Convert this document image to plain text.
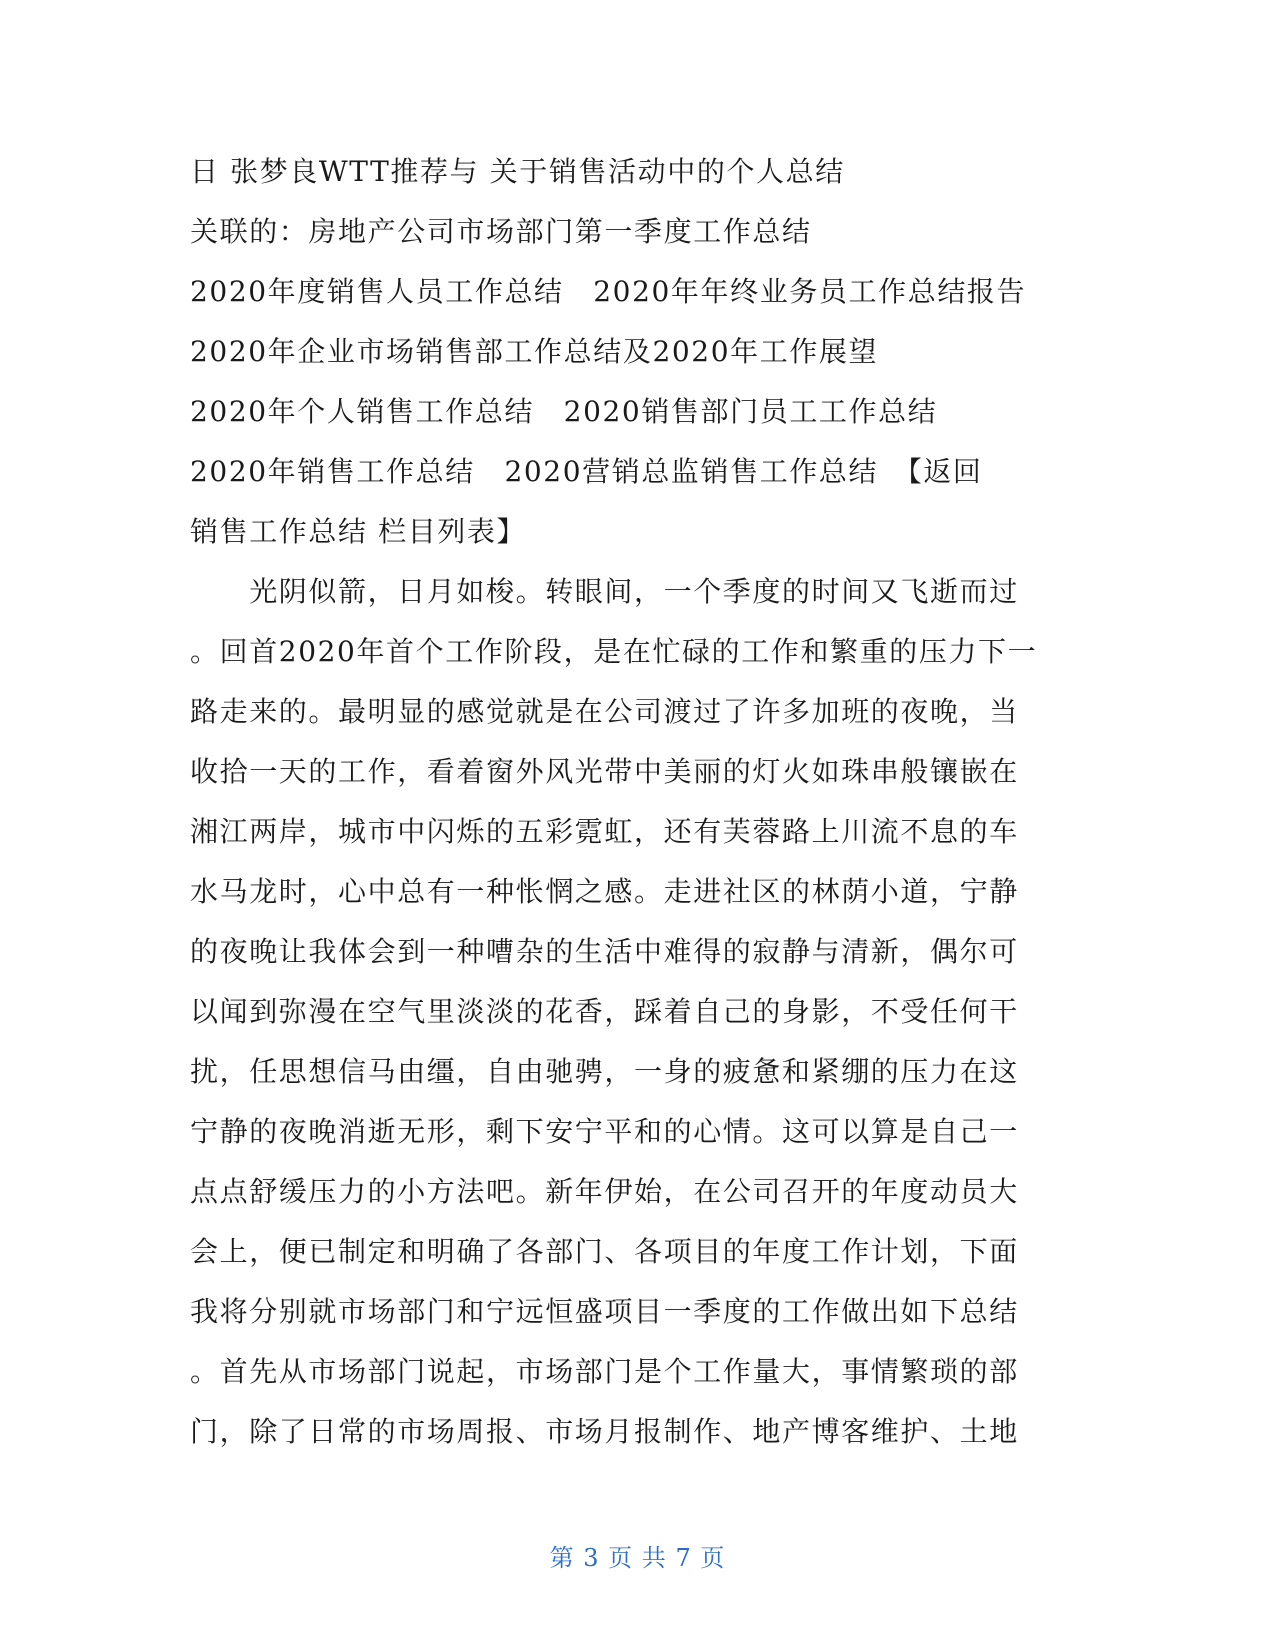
日 张梦良WTT推荐与 关于销售活动中的个人总结
关联的：房地产公司市场部门第一季度工作总结
2020年度销售人员工作总结　2020年年终业务员工作总结报告
2020年企业市场销售部工作总结及2020年工作展望
2020年个人销售工作总结　2020销售部门员工工作总结
2020年销售工作总结　2020营销总监销售工作总结　【返回
销售工作总结 栏目列表】
　　光阴似箭，日月如梭。转眼间，一个季度的时间又飞逝而过
。回首2020年首个工作阶段，是在忙碌的工作和繁重的压力下一
路走来的。最明显的感觉就是在公司渡过了许多加班的夜晚，当
收拾一天的工作，看着窗外风光带中美丽的灯火如珠串般镶嵌在
湘江两岸，城市中闪烁的五彩霓虹，还有芙蓉路上川流不息的车
水马龙时，心中总有一种怅惘之感。走进社区的林荫小道，宁静
的夜晚让我体会到一种嘈杂的生活中难得的寂静与清新，偶尔可
以闻到弥漫在空气里淡淡的花香，踩着自己的身影，不受任何干
扰，任思想信马由缰，自由驰骋，一身的疲惫和紧绷的压力在这
宁静的夜晚消逝无形，剩下安宁平和的心情。这可以算是自己一
点点舒缓压力的小方法吧。新年伊始，在公司召开的年度动员大
会上，便已制定和明确了各部门、各项目的年度工作计划，下面
我将分别就市场部门和宁远恒盛项目一季度的工作做出如下总结
。首先从市场部门说起，市场部门是个工作量大，事情繁琐的部
门，除了日常的市场周报、市场月报制作、地产博客维护、土地
第 3 页 共 7 页
